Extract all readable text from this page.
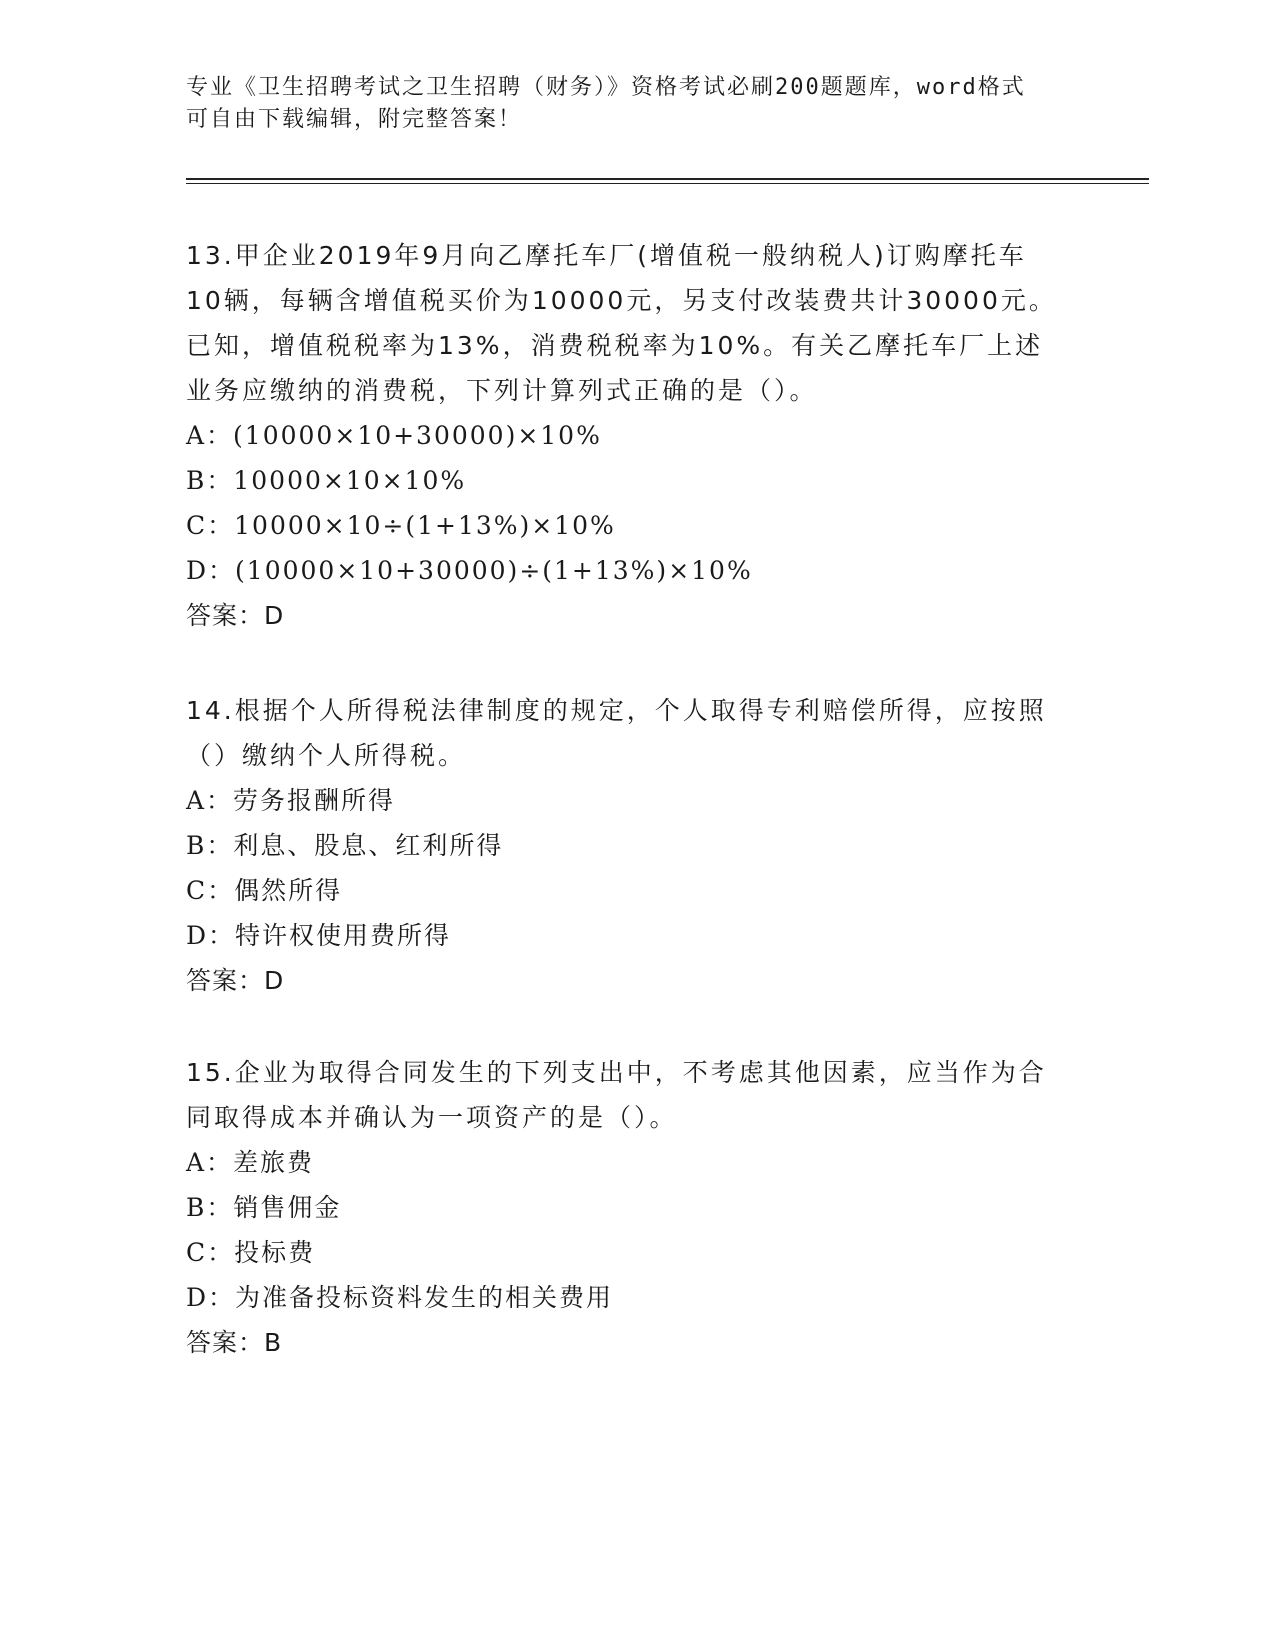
专业《卫生招聘考试之卫生招聘（财务）》资格考试必刷200题题库，word格式
可自由下载编辑，附完整答案！
13.甲企业2019年9月向乙摩托车厂(增值税一般纳税人)订购摩托车
10辆，每辆含增值税买价为10000元，另支付改装费共计30000元。
已知，增值税税率为13%，消费税税率为10%。有关乙摩托车厂上述
业务应缴纳的消费税，下列计算列式正确的是（）。
A：(10000×10+30000)×10%
B：10000×10×10%
C：10000×10÷(1+13%)×10%
D：(10000×10+30000)÷(1+13%)×10%
答案：D
14.根据个人所得税法律制度的规定，个人取得专利赔偿所得，应按照
（）缴纳个人所得税。
A：劳务报酬所得
B：利息、股息、红利所得
C：偶然所得
D：特许权使用费所得
答案：D
15.企业为取得合同发生的下列支出中，不考虑其他因素，应当作为合
同取得成本并确认为一项资产的是（）。
A：差旅费
B：销售佣金
C：投标费
D：为准备投标资料发生的相关费用
答案：B
